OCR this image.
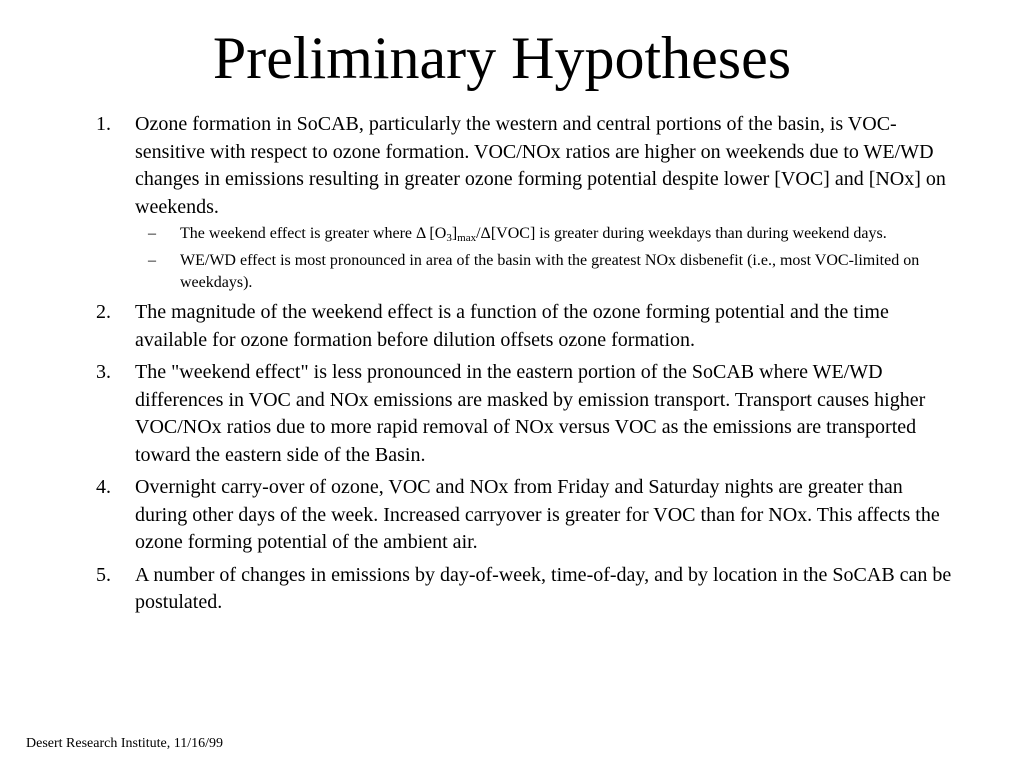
Preliminary Hypotheses
1. Ozone formation in SoCAB, particularly the western and central portions of the basin, is VOC-sensitive with respect to ozone formation. VOC/NOx ratios are higher on weekends due to WE/WD changes in emissions resulting in greater ozone forming potential despite lower [VOC] and [NOx] on weekends.
– The weekend effect is greater where Δ $[O_3]_{max}/\Delta[VOC]$ is greater during weekdays than during weekend days.
– WE/WD effect is most pronounced in area of the basin with the greatest NOx disbenefit (i.e., most VOC-limited on weekdays).
2. The magnitude of the weekend effect is a function of the ozone forming potential and the time available for ozone formation before dilution offsets ozone formation.
3. The "weekend effect" is less pronounced in the eastern portion of the SoCAB where WE/WD differences in VOC and NOx emissions are masked by emission transport. Transport causes higher VOC/NOx ratios due to more rapid removal of NOx versus VOC as the emissions are transported toward the eastern side of the Basin.
4. Overnight carry-over of ozone, VOC and NOx from Friday and Saturday nights are greater than during other days of the week. Increased carryover is greater for VOC than for NOx. This affects the ozone forming potential of the ambient air.
5. A number of changes in emissions by day-of-week, time-of-day, and by location in the SoCAB can be postulated.
Desert Research Institute, 11/16/99
